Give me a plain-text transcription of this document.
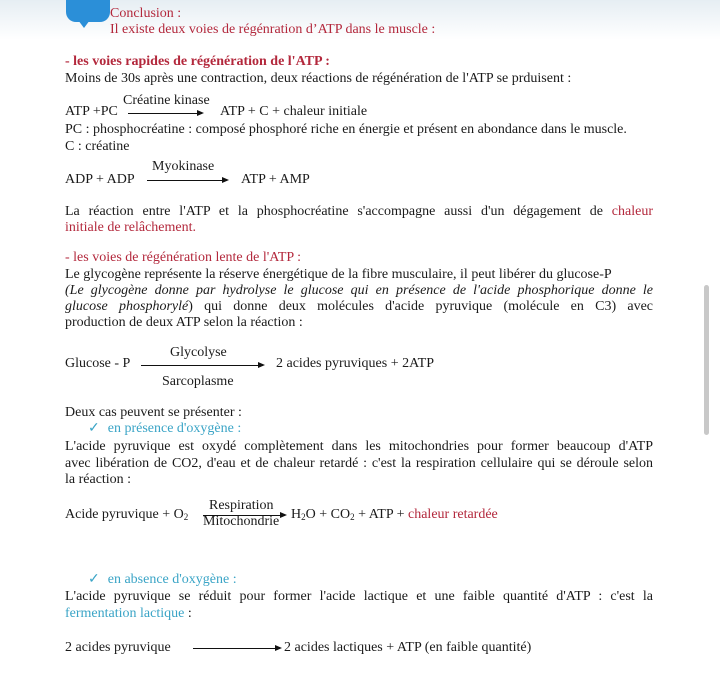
Conclusion :
Il existe deux voies de régénration d’ATP dans le muscle :
- les voies rapides de régénération de l'ATP :
Moins de 30s après une contraction, deux réactions de régénération de l'ATP se prduisent :
ATP +PC
Créatine kinase
ATP + C + chaleur initiale
PC : phosphocréatine : composé phosphoré riche en énergie et présent en abondance dans le muscle.
C : créatine
ADP + ADP
Myokinase
ATP + AMP
La réaction entre l'ATP et la phosphocréatine s'accompagne aussi d'un dégagement de chaleur
initiale de relâchement.
- les voies de régénération lente de l'ATP :
Le glycogène représente la réserve énergétique de la fibre musculaire, il peut libérer du glucose-P
(Le glycogène donne par hydrolyse le glucose qui en présence de l'acide phosphorique donne le
glucose phosphorylé) qui donne deux molécules d'acide pyruvique (molécule en C3) avec
production de deux ATP selon la réaction :
Glucose - P
Glycolyse
Sarcoplasme
2 acides pyruviques + 2ATP
Deux cas peuvent se présenter :
✓ en présence d'oxygène :
L'acide pyruvique est oxydé complètement dans les mitochondries pour former beaucoup d'ATP
avec libération de CO2, d'eau et de chaleur retardé : c'est la respiration cellulaire qui se déroule selon
la réaction :
Acide pyruvique + $O_2$
Respiration
Mitochondrie $H_2O + CO_2$ + ATP + chaleur retardée
✓ en absence d'oxygène :
L'acide pyruvique se réduit pour former l'acide lactique et une faible quantité d'ATP : c'est la
fermentation lactique :
2 acides pyruvique	2 acides lactiques + ATP (en faible quantité)
